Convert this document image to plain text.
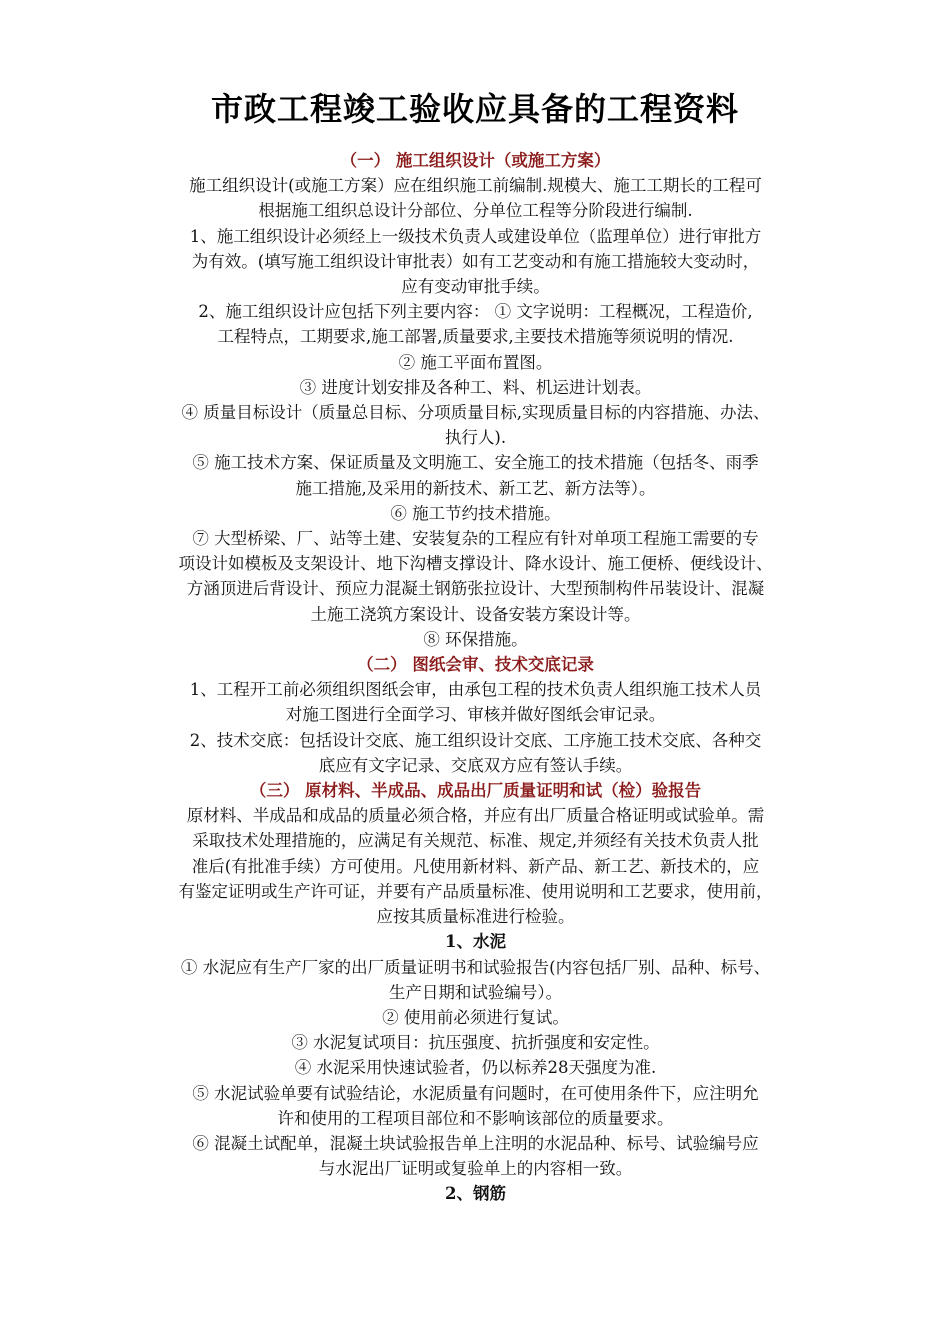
市政工程竣工验收应具备的工程资料

（一） 施工组织设计（或施工方案）

施工组织设计(或施工方案）应在组织施工前编制.规模大、施工工期长的工程可

根据施工组织总设计分部位、分单位工程等分阶段进行编制.

1、施工组织设计必须经上一级技术负责人或建设单位（监理单位）进行审批方

为有效。(填写施工组织设计审批表）如有工艺变动和有施工措施较大变动时，

应有变动审批手续。

2、施工组织设计应包括下列主要内容： ① 文字说明：工程概况，工程造价,

工程特点，工期要求,施工部署,质量要求,主要技术措施等须说明的情况.

② 施工平面布置图。

③ 进度计划安排及各种工、料、机运进计划表。

④ 质量目标设计（质量总目标、分项质量目标,实现质量目标的内容措施、办法、

执行人).

⑤ 施工技术方案、保证质量及文明施工、安全施工的技术措施（包括冬、雨季

施工措施,及采用的新技术、新工艺、新方法等）。

⑥ 施工节约技术措施。

⑦ 大型桥梁、厂、站等土建、安装复杂的工程应有针对单项工程施工需要的专

项设计如模板及支架设计、地下沟槽支撑设计、降水设计、施工便桥、便线设计、

方涵顶进后背设计、预应力混凝土钢筋张拉设计、大型预制构件吊装设计、混凝

土施工浇筑方案设计、设备安装方案设计等。

⑧ 环保措施。

（二） 图纸会审、技术交底记录

1、工程开工前必须组织图纸会审，由承包工程的技术负责人组织施工技术人员

对施工图进行全面学习、审核并做好图纸会审记录。

2、技术交底：包括设计交底、施工组织设计交底、工序施工技术交底、各种交

底应有文字记录、交底双方应有签认手续。

（三） 原材料、半成品、成品出厂质量证明和试（检）验报告

原材料、半成品和成品的质量必须合格，并应有出厂质量合格证明或试验单。需

采取技术处理措施的，应满足有关规范、标准、规定,并须经有关技术负责人批

准后(有批准手续）方可使用。凡使用新材料、新产品、新工艺、新技术的，应

有鉴定证明或生产许可证，并要有产品质量标准、使用说明和工艺要求，使用前，

应按其质量标准进行检验。

1、水泥

① 水泥应有生产厂家的出厂质量证明书和试验报告(内容包括厂别、品种、标号、

生产日期和试验编号）。

② 使用前必须进行复试。

③ 水泥复试项目：抗压强度、抗折强度和安定性。

④ 水泥采用快速试验者，仍以标养28天强度为准.

⑤ 水泥试验单要有试验结论，水泥质量有问题时，在可使用条件下，应注明允

许和使用的工程项目部位和不影响该部位的质量要求。

⑥ 混凝土试配单，混凝土块试验报告单上注明的水泥品种、标号、试验编号应

与水泥出厂证明或复验单上的内容相一致。

2、钢筋
